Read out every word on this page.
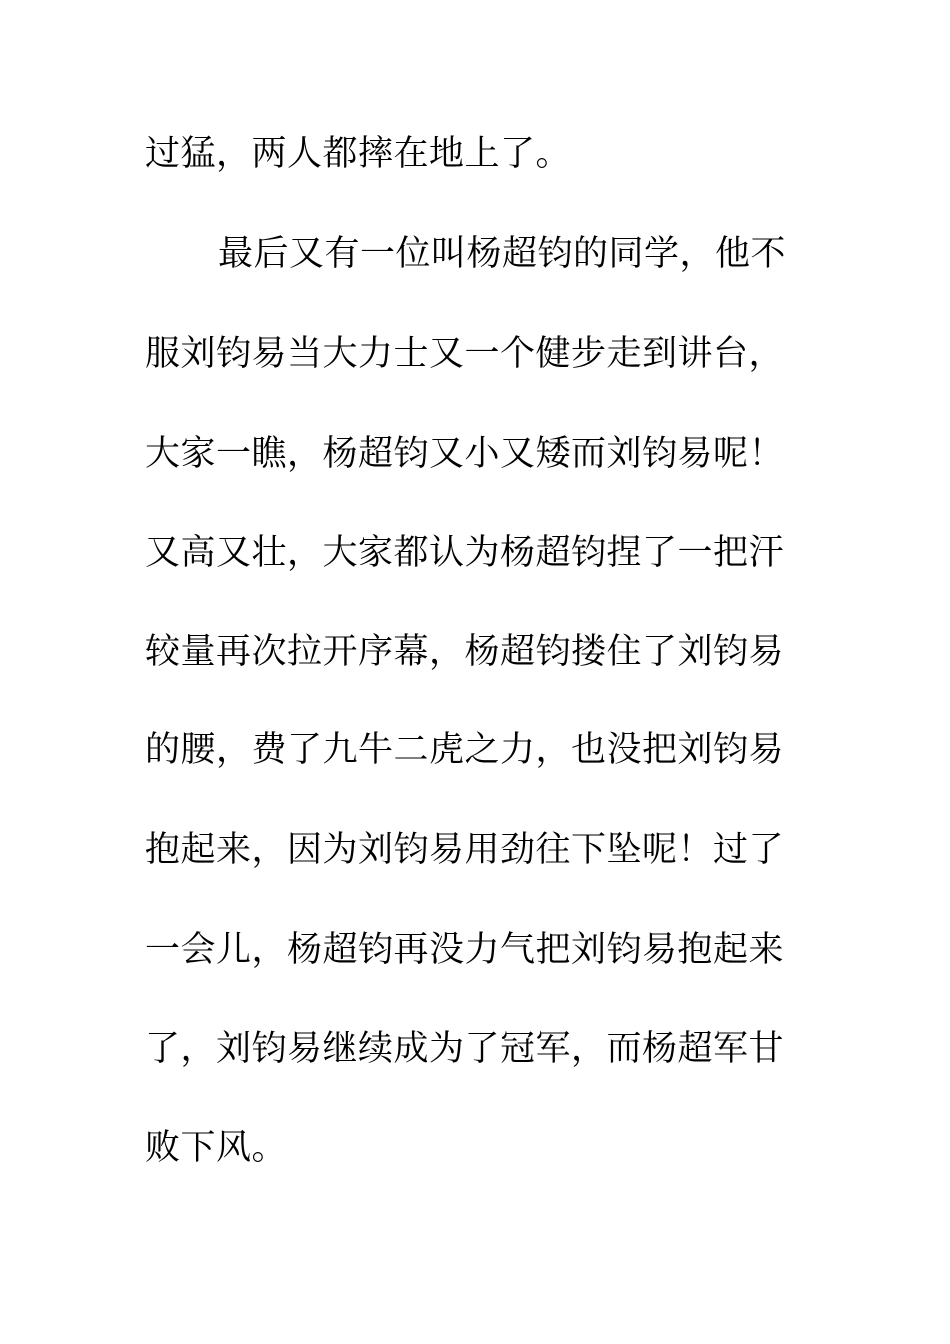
过猛，两人都摔在地上了。
最后又有一位叫杨超钧的同学，他不
服刘钧易当大力士又一个健步走到讲台，
大家一瞧，杨超钧又小又矮而刘钧易呢！
又高又壮，大家都认为杨超钧捏了一把汗
较量再次拉开序幕，杨超钧搂住了刘钧易
的腰，费了九牛二虎之力，也没把刘钧易
抱起来，因为刘钧易用劲往下坠呢！过了
一会儿，杨超钧再没力气把刘钧易抱起来
了，刘钧易继续成为了冠军，而杨超军甘
败下风。
